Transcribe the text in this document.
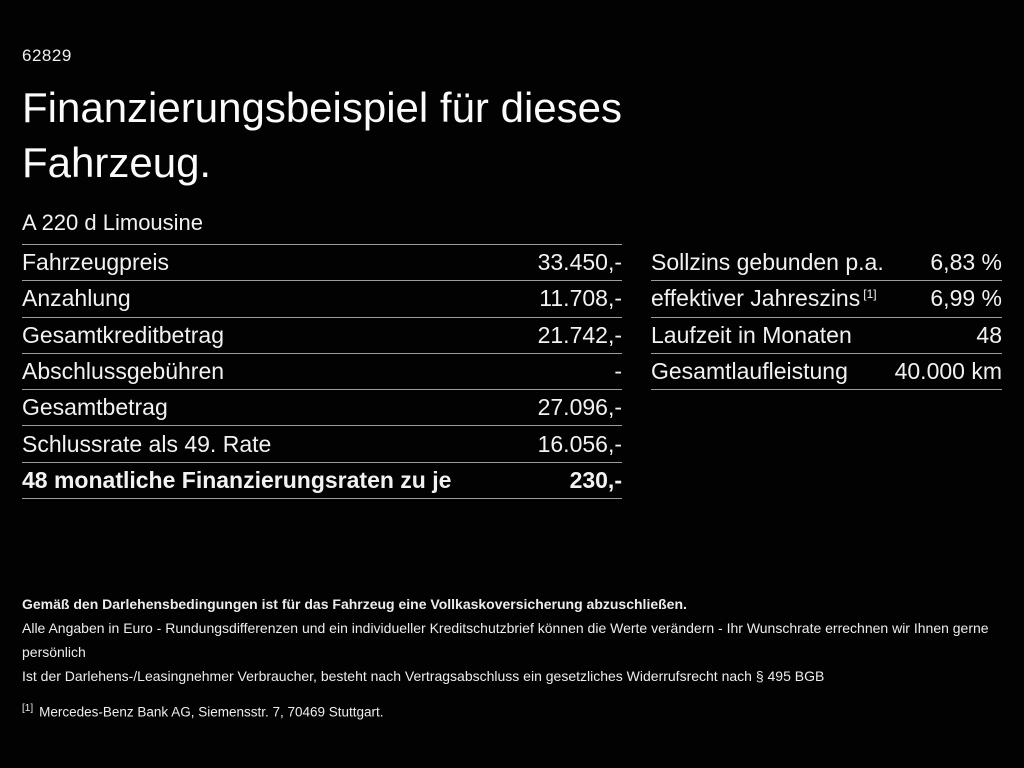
62829
Finanzierungsbeispiel für dieses Fahrzeug.
A 220 d Limousine
Fahrzeugpreis	33.450,-
Anzahlung	11.708,-
Gesamtkreditbetrag	21.742,-
Abschlussgebühren	-
Gesamtbetrag	27.096,-
Schlussrate als 49. Rate	16.056,-
48 monatliche Finanzierungsraten zu je	230,-
Sollzins gebunden p.a. 6,83 %
effektiver Jahreszins [1] 6,99 %
Laufzeit in Monaten	48
Gesamtlaufleistung 40.000 km

Gemäß den Darlehensbedingungen ist für das Fahrzeug eine Vollkaskoversicherung abzuschließen.

Alle Angaben in Euro - Rundungsdifferenzen und ein individueller Kreditschutzbrief können die Werte verändern - Ihr Wunschrate errechnen wir Ihnen gerne persönlich

Ist der Darlehens-/Leasingnehmer Verbraucher, besteht nach Vertragsabschluss ein gesetzliches Widerrufsrecht nach § 495 BGB

[1] Mercedes-Benz Bank AG, Siemensstr. 7, 70469 Stuttgart.
